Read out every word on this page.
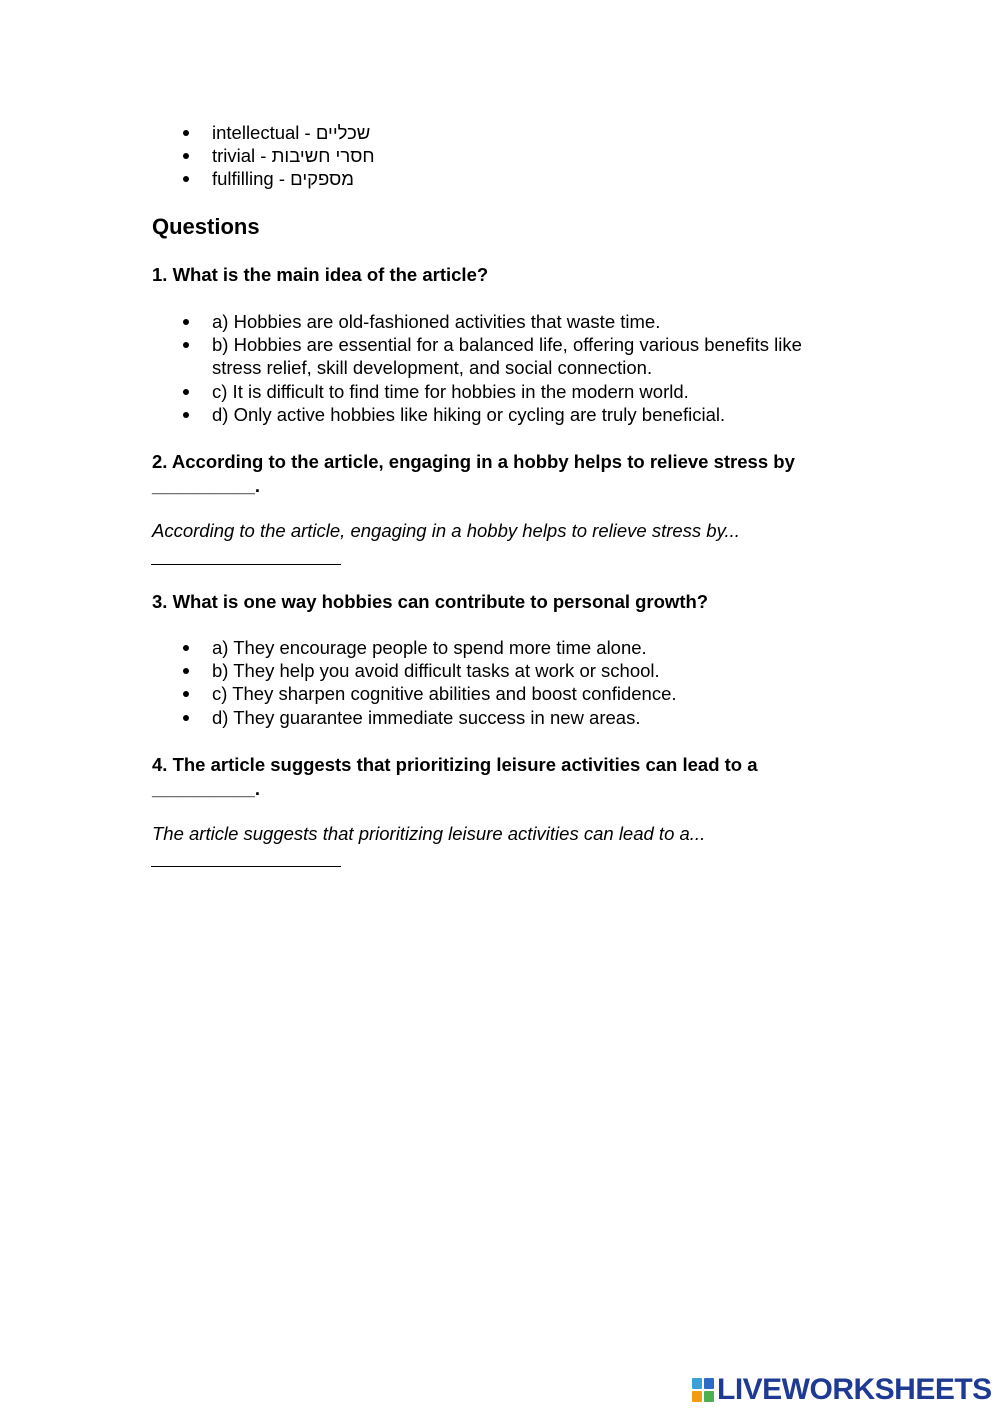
intellectual - שכליים
trivial - חסרי חשיבות
fulfilling - מספקים
Questions
1. What is the main idea of the article?
a) Hobbies are old-fashioned activities that waste time.
b) Hobbies are essential for a balanced life, offering various benefits like stress relief, skill development, and social connection.
c) It is difficult to find time for hobbies in the modern world.
d) Only active hobbies like hiking or cycling are truly beneficial.
2. According to the article, engaging in a hobby helps to relieve stress by __________.
According to the article, engaging in a hobby helps to relieve stress by...
3. What is one way hobbies can contribute to personal growth?
a) They encourage people to spend more time alone.
b) They help you avoid difficult tasks at work or school.
c) They sharpen cognitive abilities and boost confidence.
d) They guarantee immediate success in new areas.
4. The article suggests that prioritizing leisure activities can lead to a __________.
The article suggests that prioritizing leisure activities can lead to a...
LIVEWORKSHEETS
